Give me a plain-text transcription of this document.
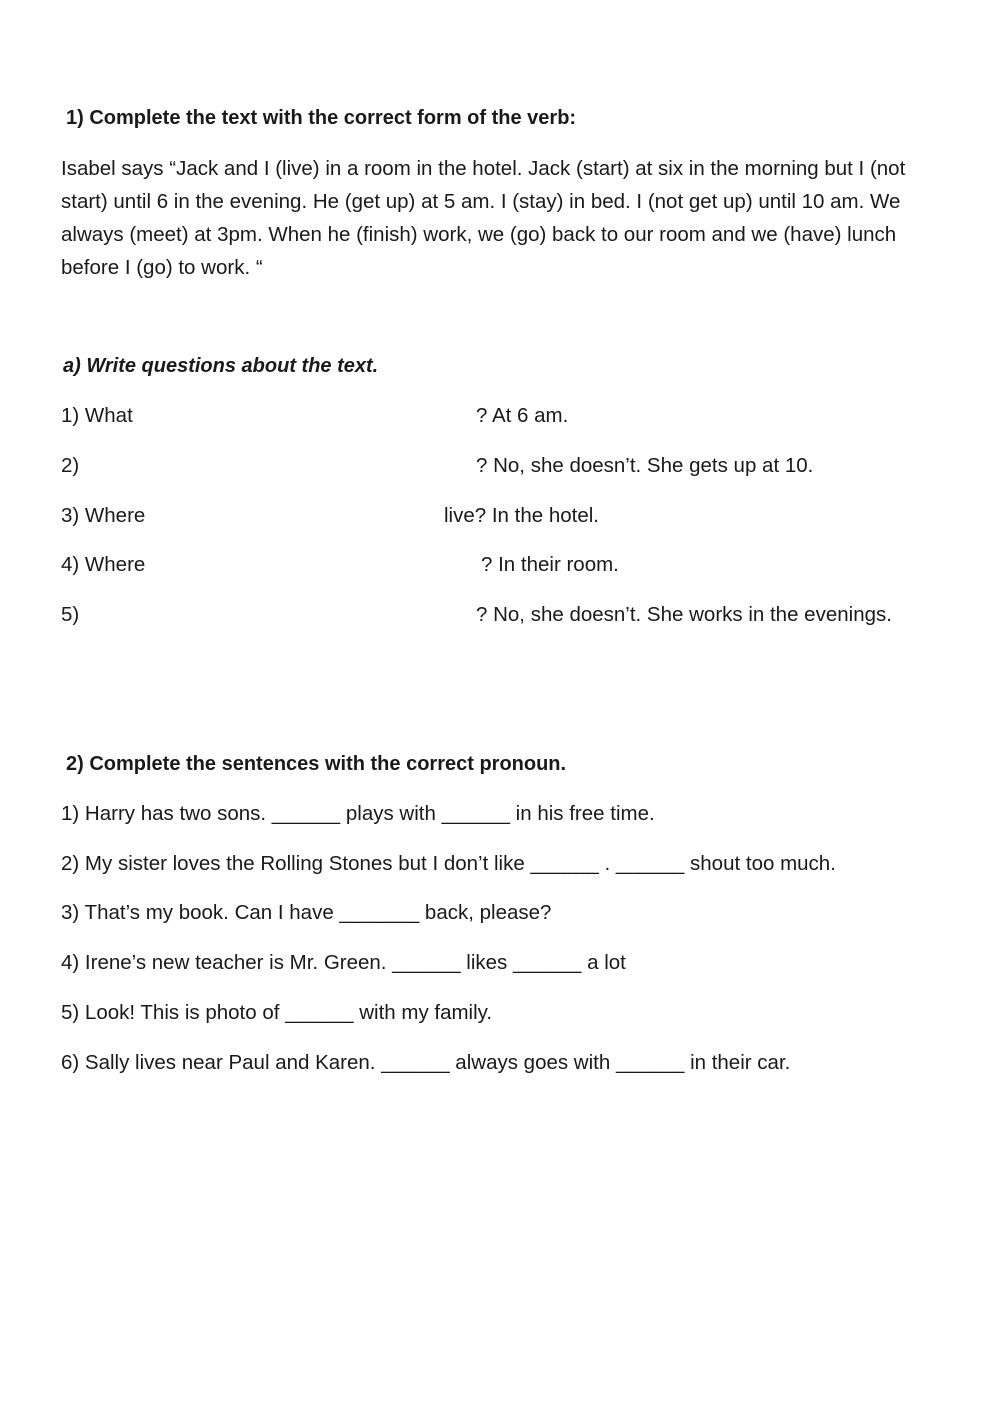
1) Complete the text with the correct form of the verb:
Isabel says “Jack and I (live) in a room in the hotel. Jack (start) at six in the morning but I (not start) until 6 in the evening. He (get up) at 5 am. I (stay) in bed. I (not get up) until 10 am. We always (meet) at 3pm. When he (finish) work, we (go) back to our room and we (have) lunch before I (go) to work. “
a) Write questions about the text.
1) What	? At 6 am.
2)	? No, she doesn’t. She gets up at 10.
3) Where	live? In the hotel.
4) Where	? In their room.
5)	? No, she doesn’t. She works in the evenings.
2) Complete the sentences with the correct pronoun.
1) Harry has two sons. ______ plays with ______ in his free time.
2) My sister loves the Rolling Stones but I don’t like ______ . ______ shout too much.
3) That’s my book. Can I have _______ back, please?
4) Irene’s new teacher is Mr. Green. ______ likes ______ a lot
5) Look! This is photo of ______ with my family.
6) Sally lives near Paul and Karen. ______ always goes with ______ in their car.
